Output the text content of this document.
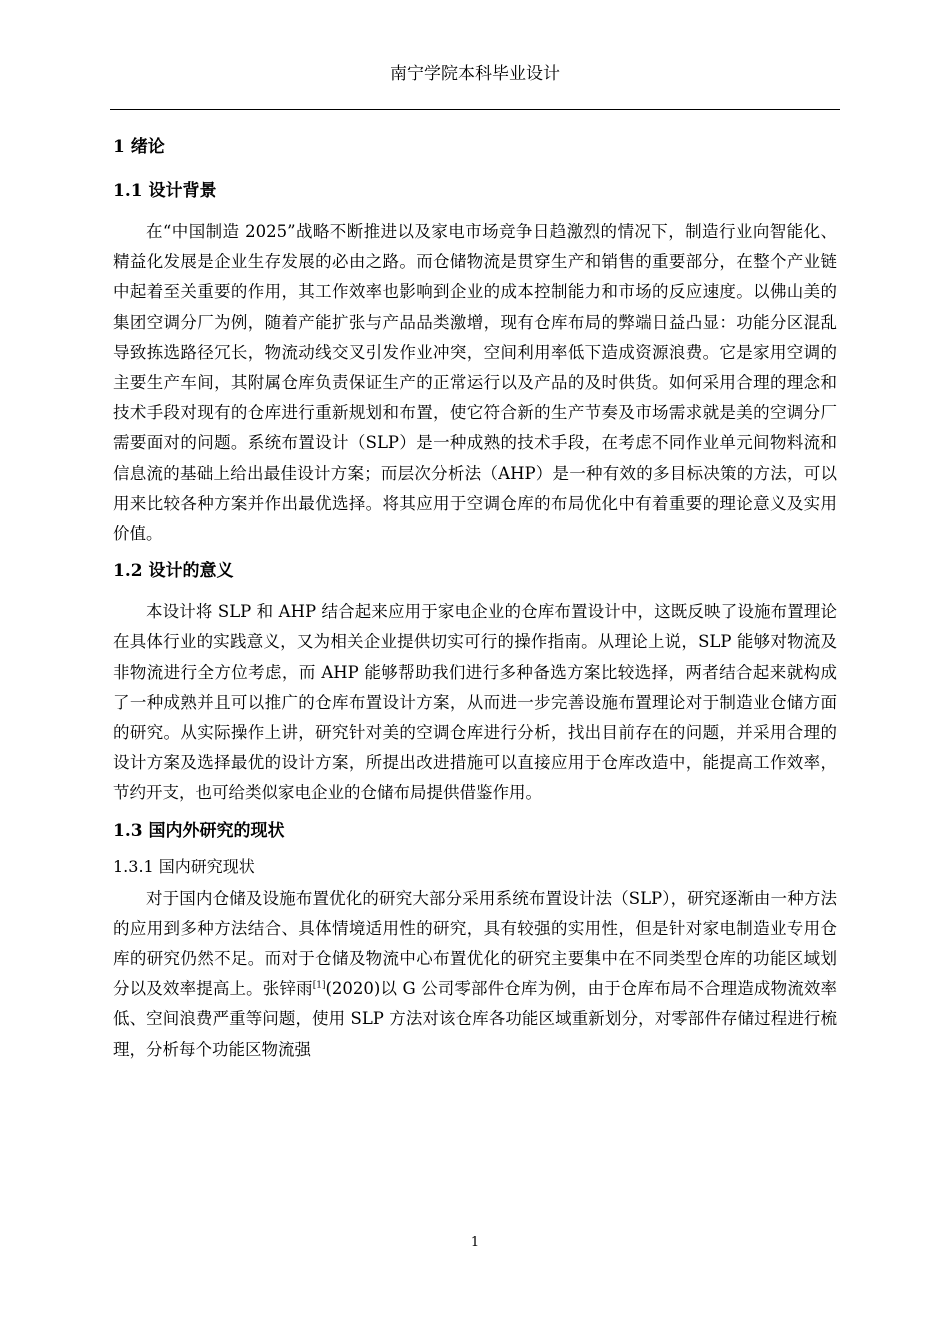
南宁学院本科毕业设计
1 绪论
1.1 设计背景
在“中国制造 2025”战略不断推进以及家电市场竞争日趋激烈的情况下，制造行业向智能化、精益化发展是企业生存发展的必由之路。而仓储物流是贯穿生产和销售的重要部分，在整个产业链中起着至关重要的作用，其工作效率也影响到企业的成本控制能力和市场的反应速度。以佛山美的集团空调分厂为例，随着产能扩张与产品品类激增，现有仓库布局的弊端日益凸显：功能分区混乱导致拣选路径冗长，物流动线交叉引发作业冲突，空间利用率低下造成资源浪费。它是家用空调的主要生产车间，其附属仓库负责保证生产的正常运行以及产品的及时供货。如何采用合理的理念和技术手段对现有的仓库进行重新规划和布置，使它符合新的生产节奏及市场需求就是美的空调分厂需要面对的问题。系统布置设计（SLP）是一种成熟的技术手段，在考虑不同作业单元间物料流和信息流的基础上给出最佳设计方案；而层次分析法（AHP）是一种有效的多目标决策的方法，可以用来比较各种方案并作出最优选择。将其应用于空调仓库的布局优化中有着重要的理论意义及实用价值。
1.2 设计的意义
本设计将 SLP 和 AHP 结合起来应用于家电企业的仓库布置设计中，这既反映了设施布置理论在具体行业的实践意义，又为相关企业提供切实可行的操作指南。从理论上说，SLP 能够对物流及非物流进行全方位考虑，而 AHP 能够帮助我们进行多种备选方案比较选择，两者结合起来就构成了一种成熟并且可以推广的仓库布置设计方案，从而进一步完善设施布置理论对于制造业仓储方面的研究。从实际操作上讲，研究针对美的空调仓库进行分析，找出目前存在的问题，并采用合理的设计方案及选择最优的设计方案，所提出改进措施可以直接应用于仓库改造中，能提高工作效率，节约开支，也可给类似家电企业的仓储布局提供借鉴作用。
1.3 国内外研究的现状
1.3.1 国内研究现状
对于国内仓储及设施布置优化的研究大部分采用系统布置设计法（SLP），研究逐渐由一种方法的应用到多种方法结合、具体情境适用性的研究，具有较强的实用性，但是针对家电制造业专用仓库的研究仍然不足。而对于仓储及物流中心布置优化的研究主要集中在不同类型仓库的功能区域划分以及效率提高上。张锌雨[1](2020)以 G 公司零部件仓库为例，由于仓库布局不合理造成物流效率低、空间浪费严重等问题，使用 SLP 方法对该仓库各功能区域重新划分，对零部件存储过程进行梳理，分析每个功能区物流强
1
